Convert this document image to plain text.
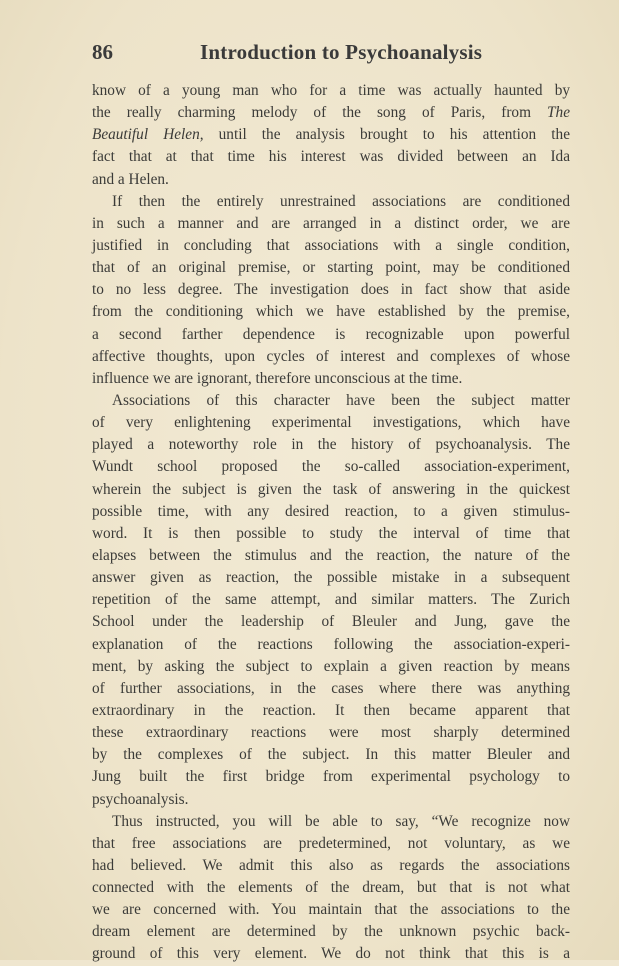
86	Introduction to Psychoanalysis
know of a young man who for a time was actually haunted by
the really charming melody of the song of Paris, from The
Beautiful Helen, until the analysis brought to his attention the
fact that at that time his interest was divided between an Ida
and a Helen.
If then the entirely unrestrained associations are conditioned
in such a manner and are arranged in a distinct order, we are
justified in concluding that associations with a single condition,
that of an original premise, or starting point, may be conditioned
to no less degree. The investigation does in fact show that aside
from the conditioning which we have established by the premise,
a second farther dependence is recognizable upon powerful
affective thoughts, upon cycles of interest and complexes of whose
influence we are ignorant, therefore unconscious at the time.
Associations of this character have been the subject matter
of very enlightening experimental investigations, which have
played a noteworthy role in the history of psychoanalysis. The
Wundt school proposed the so-called association-experiment,
wherein the subject is given the task of answering in the quickest
possible time, with any desired reaction, to a given stimulus-
word. It is then possible to study the interval of time that
elapses between the stimulus and the reaction, the nature of the
answer given as reaction, the possible mistake in a subsequent
repetition of the same attempt, and similar matters. The Zurich
School under the leadership of Bleuler and Jung, gave the
explanation of the reactions following the association-experi-
ment, by asking the subject to explain a given reaction by means
of further associations, in the cases where there was anything
extraordinary in the reaction. It then became apparent that
these extraordinary reactions were most sharply determined
by the complexes of the subject. In this matter Bleuler and
Jung built the first bridge from experimental psychology to
psychoanalysis.
Thus instructed, you will be able to say, “We recognize now
that free associations are predetermined, not voluntary, as we
had believed. We admit this also as regards the associations
connected with the elements of the dream, but that is not what
we are concerned with. You maintain that the associations to the
dream element are determined by the unknown psychic back-
ground of this very element. We do not think that this is a
